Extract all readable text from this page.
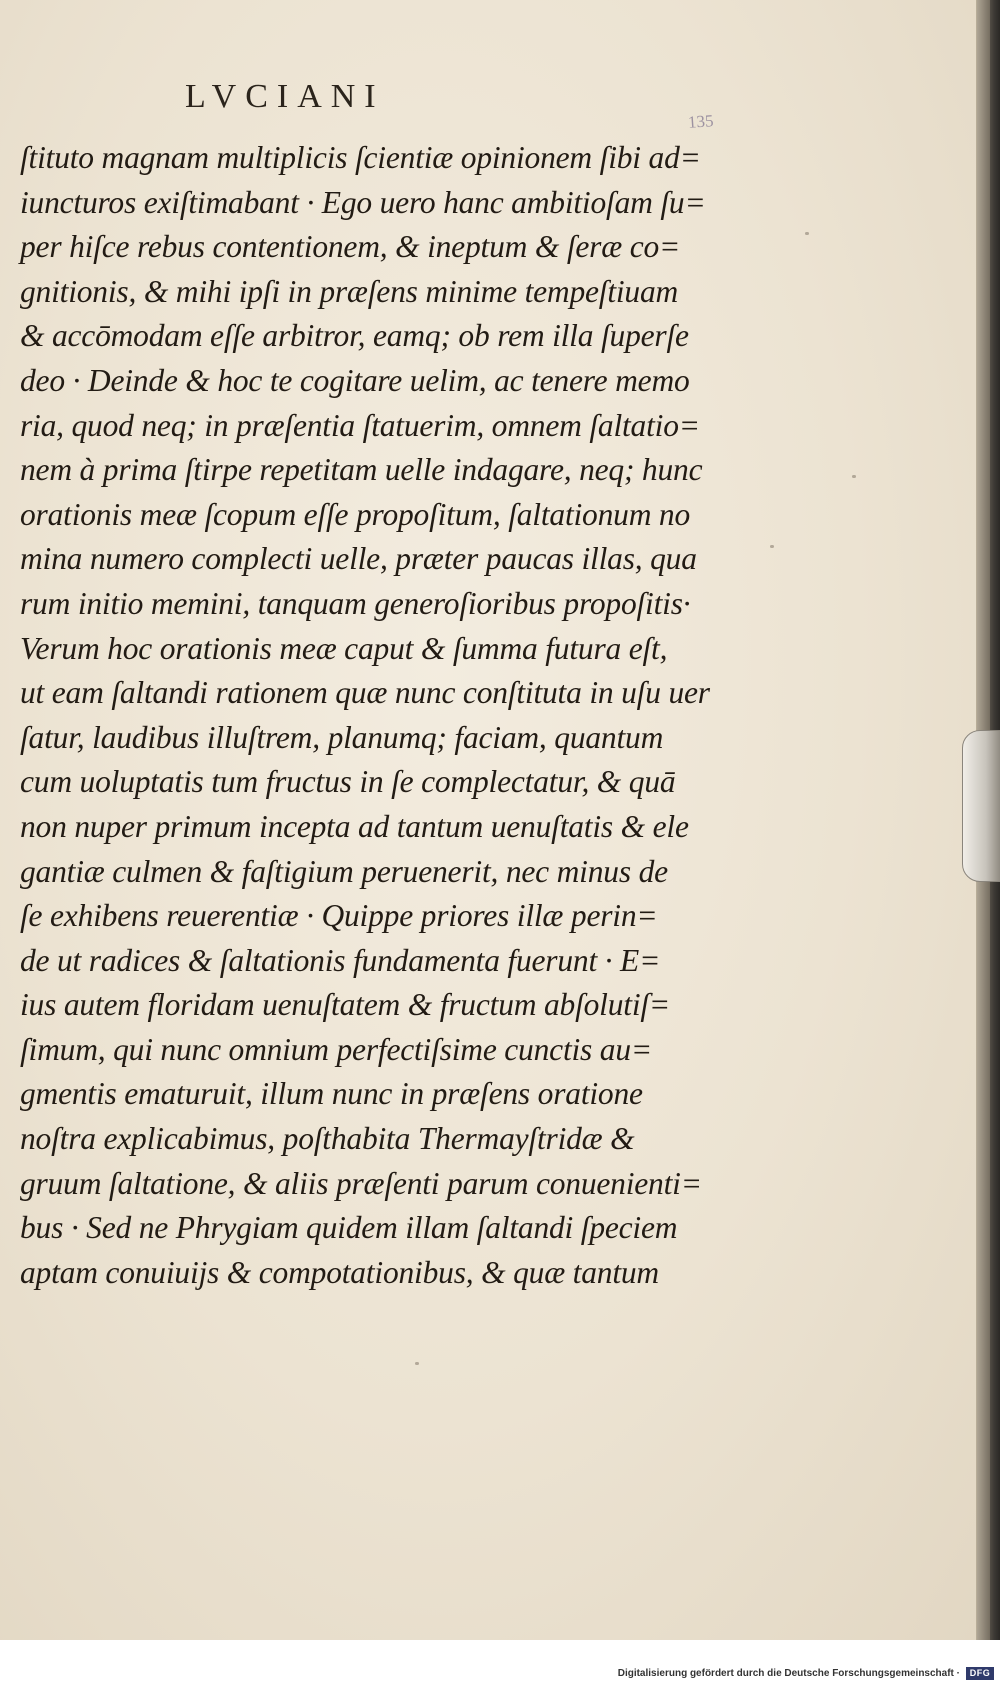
LVCIANI
135
ſtituto magnam multiplicis ſcientiæ opinionem ſibi ad=
iuncturos exiſtimabant · Ego uero hanc ambitioſam ſu=
per hiſce rebus contentionem, & ineptum & ſeræ co=
gnitionis, & mihi ipſi in præſens minime tempeſtiuam
& accōmodam eſſe arbitror, eamq; ob rem illa ſuperſe
deo · Deinde & hoc te cogitare uelim, ac tenere memo
ria, quod neq; in præſentia ſtatuerim, omnem ſaltatio=
nem à prima ſtirpe repetitam uelle indagare, neq; hunc
orationis meæ ſcopum eſſe propoſitum, ſaltationum no
mina numero complecti uelle, præter paucas illas, qua
rum initio memini, tanquam generoſioribus propoſitis·
Verum hoc orationis meæ caput & ſumma futura eſt,
ut eam ſaltandi rationem quæ nunc conſtituta in uſu uer
ſatur, laudibus illuſtrem, planumq; faciam, quantum
cum uoluptatis tum fructus in ſe complectatur, & quā
non nuper primum incepta ad tantum uenuſtatis & ele
gantiæ culmen & faſtigium peruenerit, nec minus de
ſe exhibens reuerentiæ · Quippe priores illæ perin=
de ut radices & ſaltationis fundamenta fuerunt · E=
ius autem floridam uenuſtatem & fructum abſolutiſ=
ſimum, qui nunc omnium perfectiſsime cunctis au=
gmentis ematuruit, illum nunc in præſens oratione
noſtra explicabimus, poſthabita Thermayſtridæ &
gruum ſaltatione, & aliis præſenti parum conuenienti=
bus · Sed ne Phrygiam quidem illam ſaltandi ſpeciem
aptam conuiuijs & compotationibus, & quæ tantum
Digitalisierung gefördert durch die Deutsche Forschungsgemeinschaft ·	DFG
